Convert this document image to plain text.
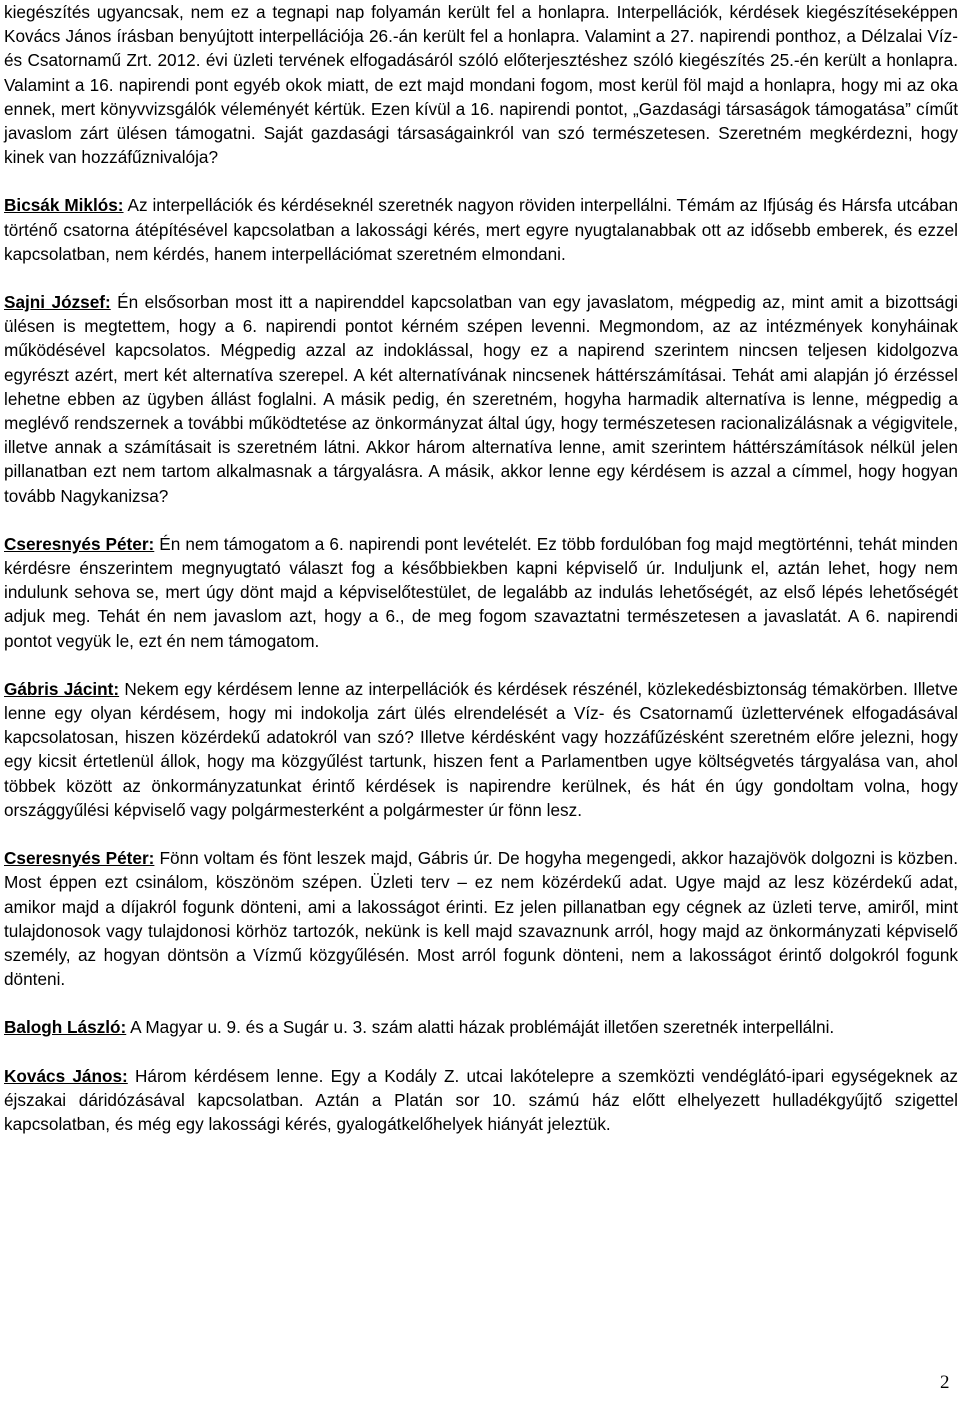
kiegészítés ugyancsak, nem ez a tegnapi nap folyamán került fel a honlapra. Interpellációk, kérdések kiegészítéseképpen Kovács János írásban benyújtott interpellációja 26.-án került fel a honlapra. Valamint a 27. napirendi ponthoz, a Délzalai Víz- és Csatornamű Zrt. 2012. évi üzleti tervének elfogadásáról szóló előterjesztéshez szóló kiegészítés 25.-én került a honlapra. Valamint a 16. napirendi pont egyéb okok miatt, de ezt majd mondani fogom, most kerül föl majd a honlapra, hogy mi az oka ennek, mert könyvvizsgálók véleményét kértük. Ezen kívül a 16. napirendi pontot, „Gazdasági társaságok támogatása” címűt javaslom zárt ülésen támogatni. Saját gazdasági társaságainkról van szó természetesen. Szeretném megkérdezni, hogy kinek van hozzáfűznivalója?

Bicsák Miklós: Az interpellációk és kérdéseknél szeretnék nagyon röviden interpellálni. Témám az Ifjúság és Hársfa utcában történő csatorna átépítésével kapcsolatban a lakossági kérés, mert egyre nyugtalanabbak ott az idősebb emberek, és ezzel kapcsolatban, nem kérdés, hanem interpellációmat szeretném elmondani.

Sajni József: Én elsősorban most itt a napirenddel kapcsolatban van egy javaslatom, mégpedig az, mint amit a bizottsági ülésen is megtettem, hogy a 6. napirendi pontot kérném szépen levenni. Megmondom, az az intézmények konyháinak működésével kapcsolatos. Mégpedig azzal az indoklással, hogy ez a napirend szerintem nincsen teljesen kidolgozva egyrészt azért, mert két alternatíva szerepel. A két alternatívának nincsenek háttérszámításai. Tehát ami alapján jó érzéssel lehetne ebben az ügyben állást foglalni. A másik pedig, én szeretném, hogyha harmadik alternatíva is lenne, mégpedig a meglévő rendszernek a további működtetése az önkormányzat által úgy, hogy természetesen racionalizálásnak a végigvitele, illetve annak a számításait is szeretném látni. Akkor három alternatíva lenne, amit szerintem háttérszámítások nélkül jelen pillanatban ezt nem tartom alkalmasnak a tárgyalásra. A másik, akkor lenne egy kérdésem is azzal a címmel, hogy hogyan tovább Nagykanizsa?

Cseresnyés Péter: Én nem támogatom a 6. napirendi pont levételét. Ez több fordulóban fog majd megtörténni, tehát minden kérdésre énszerintem megnyugtató választ fog a későbbiekben kapni képviselő úr. Induljunk el, aztán lehet, hogy nem indulunk sehova se, mert úgy dönt majd a képviselőtestület, de legalább az indulás lehetőségét, az első lépés lehetőségét adjuk meg. Tehát én nem javaslom azt, hogy a 6., de meg fogom szavaztatni természetesen a javaslatát. A 6. napirendi pontot vegyük le, ezt én nem támogatom.

Gábris Jácint: Nekem egy kérdésem lenne az interpellációk és kérdések részénél, közlekedésbiztonság témakörben. Illetve lenne egy olyan kérdésem, hogy mi indokolja zárt ülés elrendelését a Víz- és Csatornamű üzlettervének elfogadásával kapcsolatosan, hiszen közérdekű adatokról van szó? Illetve kérdésként vagy hozzáfűzésként szeretném előre jelezni, hogy egy kicsit értetlenül állok, hogy ma közgyűlést tartunk, hiszen fent a Parlamentben ugye költségvetés tárgyalása van, ahol többek között az önkormányzatunkat érintő kérdések is napirendre kerülnek, és hát én úgy gondoltam volna, hogy országgyűlési képviselő vagy polgármesterként a polgármester úr fönn lesz.

Cseresnyés Péter: Fönn voltam és fönt leszek majd, Gábris úr. De hogyha megengedi, akkor hazajövök dolgozni is közben. Most éppen ezt csinálom, köszönöm szépen. Üzleti terv – ez nem közérdekű adat. Ugye majd az lesz közérdekű adat, amikor majd a díjakról fogunk dönteni, ami a lakosságot érinti. Ez jelen pillanatban egy cégnek az üzleti terve, amiről, mint tulajdonosok vagy tulajdonosi körhöz tartozók, nekünk is kell majd szavaznunk arról, hogy majd az önkormányzati képviselő személy, az hogyan döntsön a Vízmű közgyűlésén. Most arról fogunk dönteni, nem a lakosságot érintő dolgokról fogunk dönteni.

Balogh László: A Magyar u. 9. és a Sugár u. 3. szám alatti házak problémáját illetően szeretnék interpellálni.

Kovács János: Három kérdésem lenne. Egy a Kodály Z. utcai lakótelepre a szemközti vendéglátó-ipari egységeknek az éjszakai dáridózásával kapcsolatban. Aztán a Platán sor 10. számú ház előtt elhelyezett hulladékgyűjtő szigettel kapcsolatban, és még egy lakossági kérés, gyalogátkelőhelyek hiányát jeleztük.

2
